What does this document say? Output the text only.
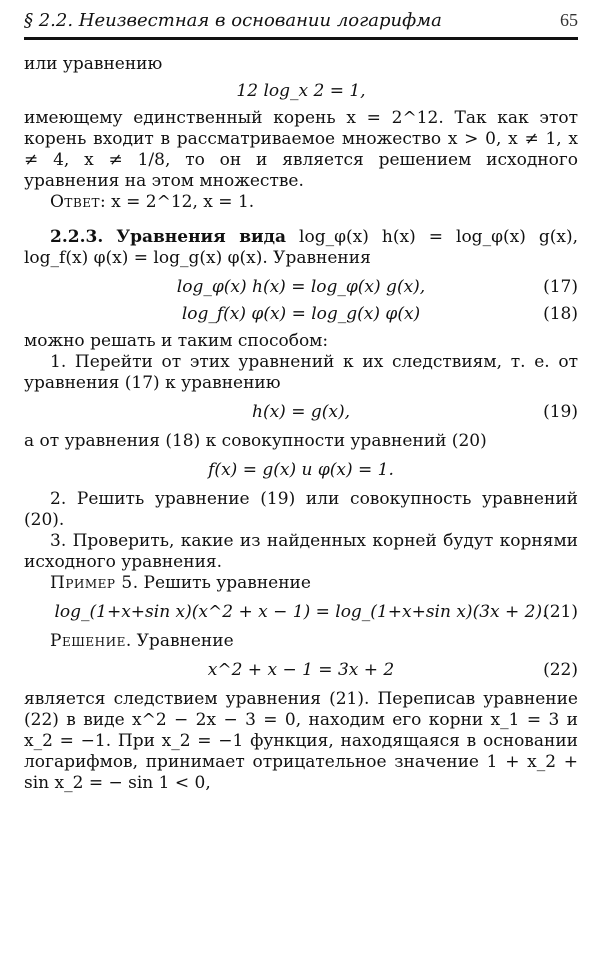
§ 2.2. Неизвестная в основании логарифма	65

или уравнению

12 log_x 2 = 1,

имеющему единственный корень x = 2^12. Так как этот корень входит в рассматриваемое множество x > 0, x ≠ 1, x ≠ 4, x ≠ 1/8, то он и является решением исходного уравнения на этом множестве.

Ответ: x = 2^12, x = 1.

2.2.3. Уравнения вида log_φ(x) h(x) = log_φ(x) g(x), log_f(x) φ(x) = log_g(x) φ(x). Уравнения

log_φ(x) h(x) = log_φ(x) g(x),	(17)
log_f(x) φ(x) = log_g(x) φ(x)	(18)

можно решать и таким способом:

1. Перейти от этих уравнений к их следствиям, т. е. от уравнения (17) к уравнению

h(x) = g(x),	(19)

а от уравнения (18) к совокупности уравнений (20)

f(x) = g(x) и φ(x) = 1.

2. Решить уравнение (19) или совокупность уравнений (20).

3. Проверить, какие из найденных корней будут корнями исходного уравнения.

Пример 5. Решить уравнение

log_(1+x+sin x)(x^2 + x − 1) = log_(1+x+sin x)(3x + 2).
(21)

Решение. Уравнение

x^2 + x − 1 = 3x + 2	(22)

является следствием уравнения (21). Переписав уравнение (22) в виде x^2 − 2x − 3 = 0, находим его корни x_1 = 3 и x_2 = −1. При x_2 = −1 функция, находящаяся в основании логарифмов, принимает отрицательное значение 1 + x_2 + sin x_2 = − sin 1 < 0,
